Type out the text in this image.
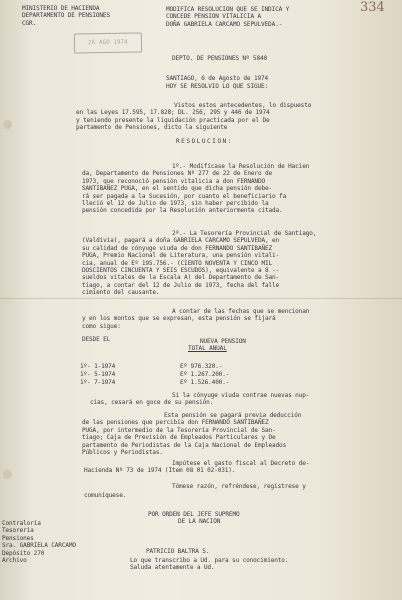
334
MINISTERIO DE HACIENDA
DEPARTAMENTO DE PENSIONES
CGR.
26 AGO 1974
MODIFICA RESOLUCION QUE SE INDICA Y
CONCEDE PENSION VITALICIA A
DOÑA GABRIELA CARCAMO SEPULVEDA.-
DEPTO. DE PENSIONES Nº 5840
SANTIAGO, 6 de Agosto de 1974
HOY SE RESOLVIO LO QUE SIGUE:
Vistos estos antecedentes, lo dispuesto
en las Leyes 17.595, 17.828; DL. 256, 295 y 446 de 1974
y teniendo presente la liquidación practicada por el De
partamento de Pensiones, dicto la siguiente
RESOLUCION:
1º.- Modifícase la Resolución de Hacien
da, Departamento de Pensiones Nº 277 de 22 de Enero de
1973, que reconoció pensión vitalicia a don FERNANDO
SANTIBAÑEZ PUGA, en el sentido que dicha pensión debe-
rá ser pagada a la Sucesión, por cuanto el beneficiario fa
lleció el 12 de Julio de 1973, sin haber percibido la
pensión concedida por la Resolución anteriormente citada.
2º.- La Tesorería Provincial de Santiago,
(Valdivia), pagará a doña GABRIELA CARCAMO SEPULVEDA, en
su calidad de cónyuge viuda de don FERNANDO SANTIBAÑEZ
PUGA, Premio Nacional de Literatura, una pensión vitali-
cia, anual de Eº 195.756.- (CIENTO NOVENTA Y CINCO MIL
DOSCIENTOS CINCUENTA Y SEIS ESCUDOS), equivalente a 8 --
sueldos vitales de la Escala A) del Departamento de San-
tiago, a contar del 12 de Julio de 1973, fecha del falle
cimiento del causante.
A contar de las fechas que se mencionan
y en los montos que se expresan, esta pensión se fijará
como sigue:
DESDE EL	NUEVA PENSION
TOTAL ANUAL
1º- 1-1974	Eº 976.320.-
1º- 5-1974	Eº 1.267.200.-
1º- 7-1974	Eº 1.526.400.-
Si la cónyuge viuda contrae nuevas nup-
cias, cesará en goce de su pensión.
Esta pensión se pagará previa deducción
de las pensiones que percibía don FERNANDO SANTIBAÑEZ
PUGA, por intermedio de la Tesorería Provincial de San-
tiago; Caja de Previsión de Empleados Particulares y De
partamento de Periodistas de la Caja Nacional de Empleados
Públicos y Periodistas.
Impútese el gasto fiscal al Decreto de-
Hacienda Nº 73 de 1974 (Item 08 01 02-031).
Tómese razón, refréndese, regístrese y
comuníquese.
POR ORDEN DEL JEFE SUPREMO
DE LA NACION
Contraloría
Tesorería
Pensiones
Sra. GABRIELA CARCAMO
Depósito 270
Archivo
PATRICIO BALTRA S.
Lo que transcribo a Ud. para su conocimiento.
Saluda atentamente a Ud.
